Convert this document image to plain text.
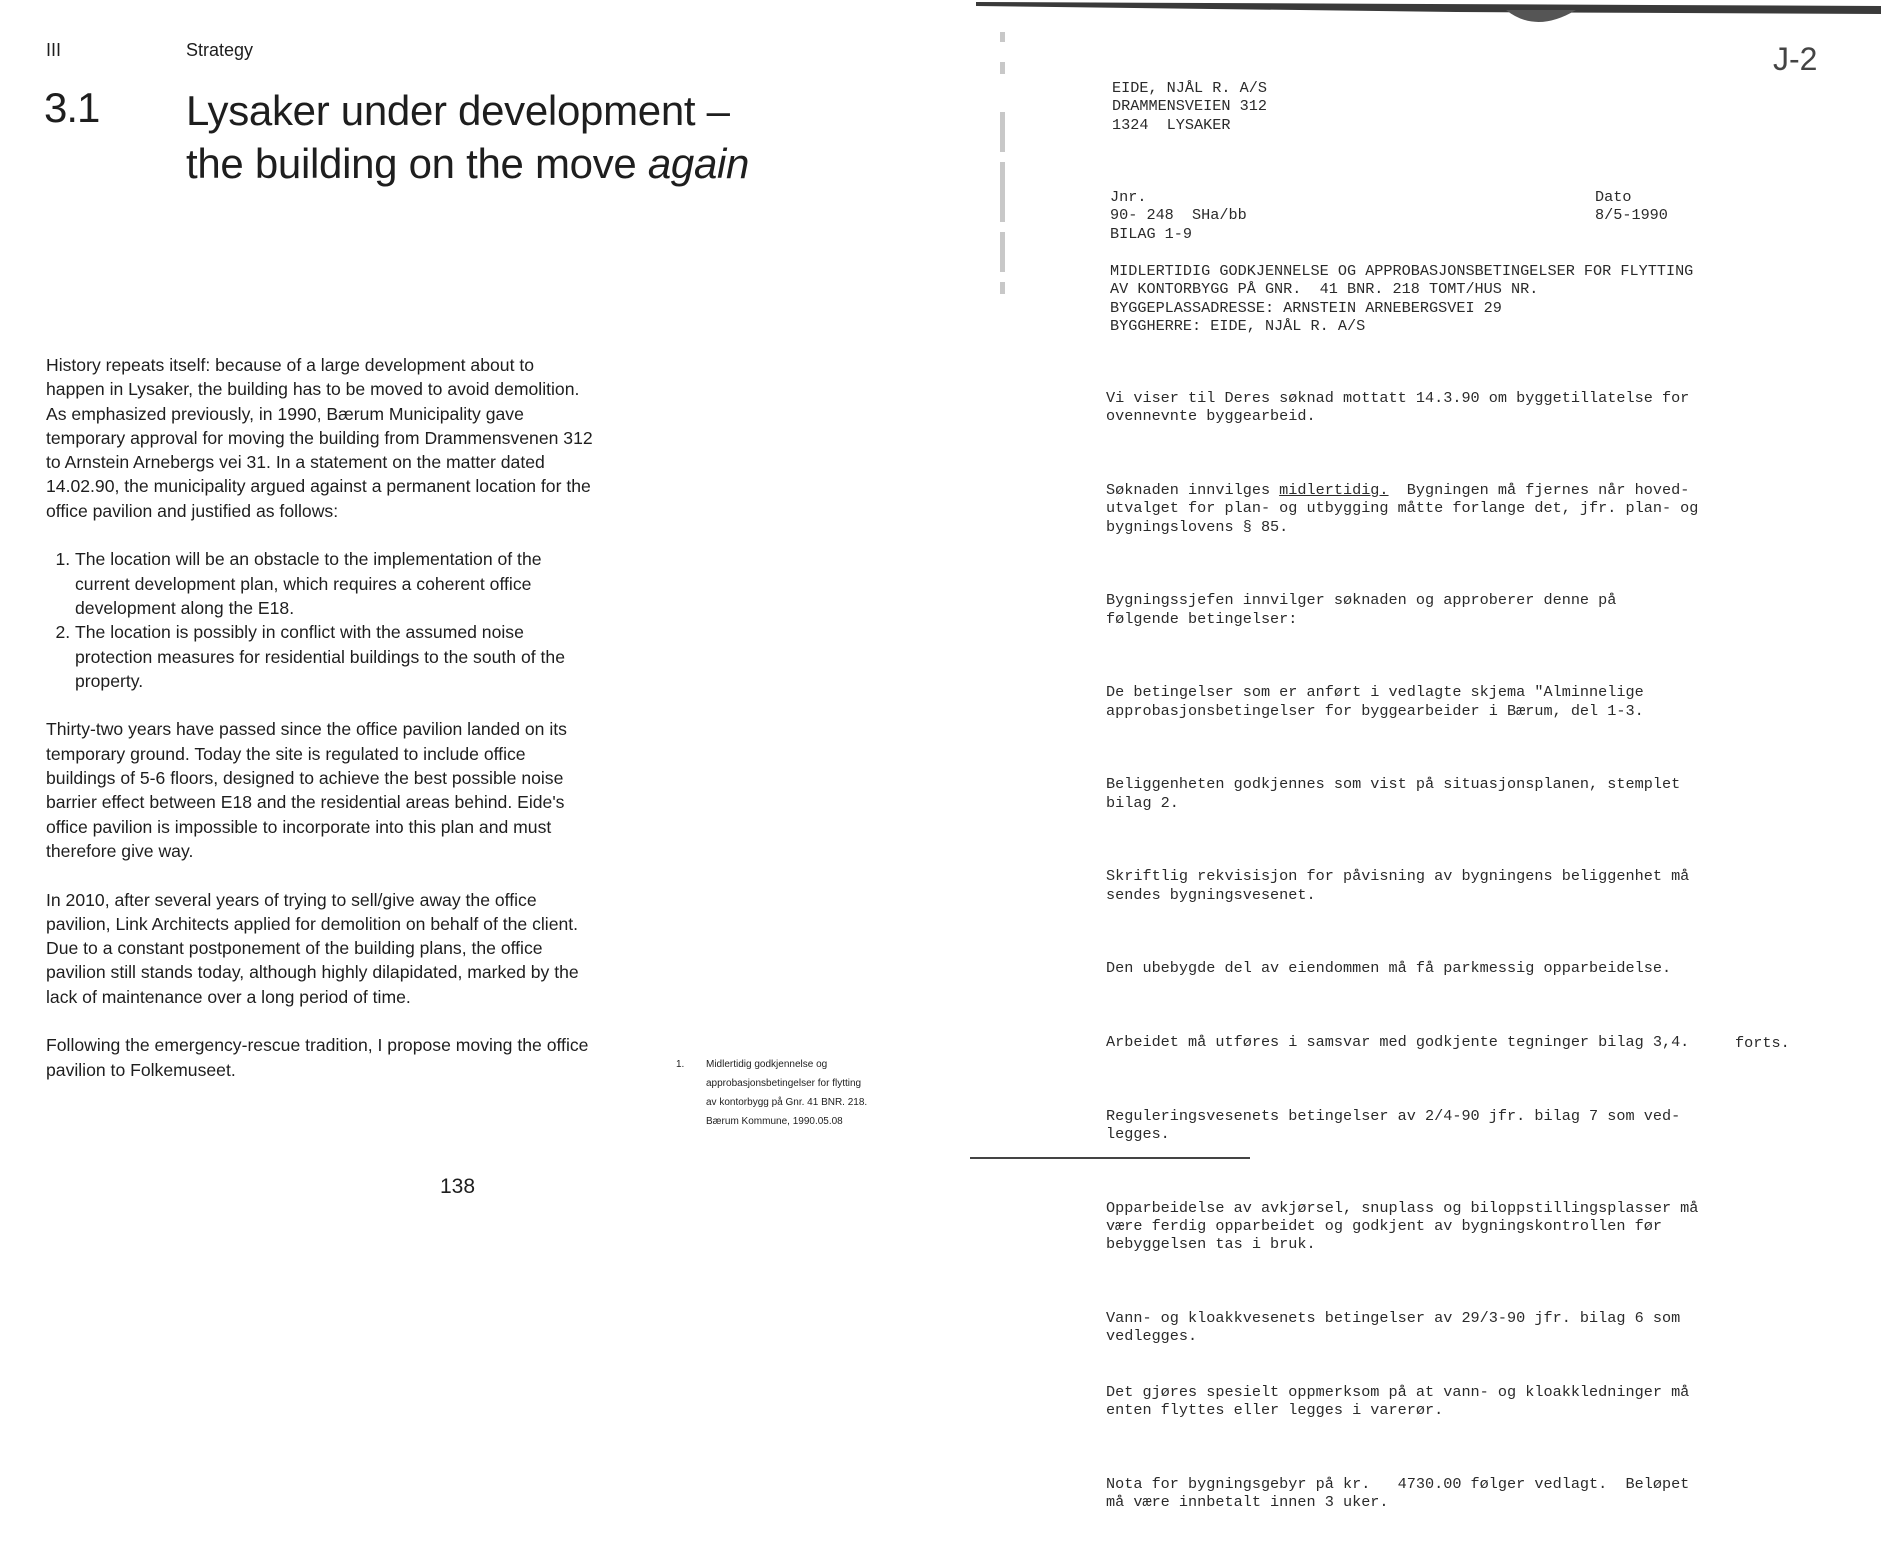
III	Strategy
3.1 Lysaker under development –
the building on the move again

History repeats itself: because of a large development about to happen in Lysaker, the building has to be moved to avoid demolition. As emphasized previously, in 1990, Bærum Municipality gave temporary approval for moving the building from Drammensvenen 312 to Arnstein Arnebergs vei 31. In a statement on the matter dated 14.02.90, the municipality argued against a permanent location for the office pavilion and justified as follows:

1. The location will be an obstacle to the implementation of the current development plan, which requires a coherent office development along the E18.
2. The location is possibly in conflict with the assumed noise protection measures for residential buildings to the south of the property.

Thirty-two years have passed since the office pavilion landed on its temporary ground. Today the site is regulated to include office buildings of 5-6 floors, designed to achieve the best possible noise barrier effect between E18 and the residential areas behind. Eide's office pavilion is impossible to incorporate into this plan and must therefore give way.

In 2010, after several years of trying to sell/give away the office pavilion, Link Architects applied for demolition on behalf of the client. Due to a constant postponement of the building plans, the office pavilion still stands today, although highly dilapidated, marked by the lack of maintenance over a long period of time.

Following the emergency-rescue tradition, I propose moving the office pavilion to Folkemuseet.	1. Midlertidig godkjennelse og approbasjonsbetingelser for flytting av kontorbygg på Gnr. 41 BNR. 218. Bærum Kommune, 1990.05.08
138
J-2
EIDE, NJÅL R. A/S
DRAMMENSVEIEN 312
1324  LYSAKER
Jnr.
90- 248  SHa/bb
BILAG 1-9
Dato
8/5-1990
MIDLERTIDIG GODKJENNELSE OG APPROBASJONSBETINGELSER FOR FLYTTING
AV KONTORBYGG PÅ GNR.  41 BNR. 218 TOMT/HUS NR.
BYGGEPLASSADRESSE: ARNSTEIN ARNEBERGSVEI 29
BYGGHERRE: EIDE, NJÅL R. A/S

Vi viser til Deres søknad mottatt 14.3.90 om byggetillatelse for
ovennevnte byggearbeid.

Søknaden innvilges midlertidig.  Bygningen må fjernes når hoved-
utvalget for plan- og utbygging måtte forlange det, jfr. plan- og
bygningslovens § 85.

Bygningssjefen innvilger søknaden og approberer denne på
følgende betingelser:

De betingelser som er anført i vedlagte skjema "Alminnelige
approbasjonsbetingelser for byggearbeider i Bærum, del 1-3.

Beliggenheten godkjennes som vist på situasjonsplanen, stemplet
bilag 2.

Skriftlig rekvisisjon for påvisning av bygningens beliggenhet må
sendes bygningsvesenet.

Den ubebygde del av eiendommen må få parkmessig opparbeidelse.

Arbeidet må utføres i samsvar med godkjente tegninger bilag 3,4.

Reguleringsvesenets betingelser av 2/4-90 jfr. bilag 7 som ved-
legges.

Opparbeidelse av avkjørsel, snuplass og biloppstillingsplasser må
være ferdig opparbeidet og godkjent av bygningskontrollen før
bebyggelsen tas i bruk.

Vann- og kloakkvesenets betingelser av 29/3-90 jfr. bilag 6 som
vedlegges.

Det gjøres spesielt oppmerksom på at vann- og kloakkledninger må
enten flyttes eller legges i varerør.

Nota for bygningsgebyr på kr.   4730.00 følger vedlagt.  Beløpet
må være innbetalt innen 3 uker.

forts.
